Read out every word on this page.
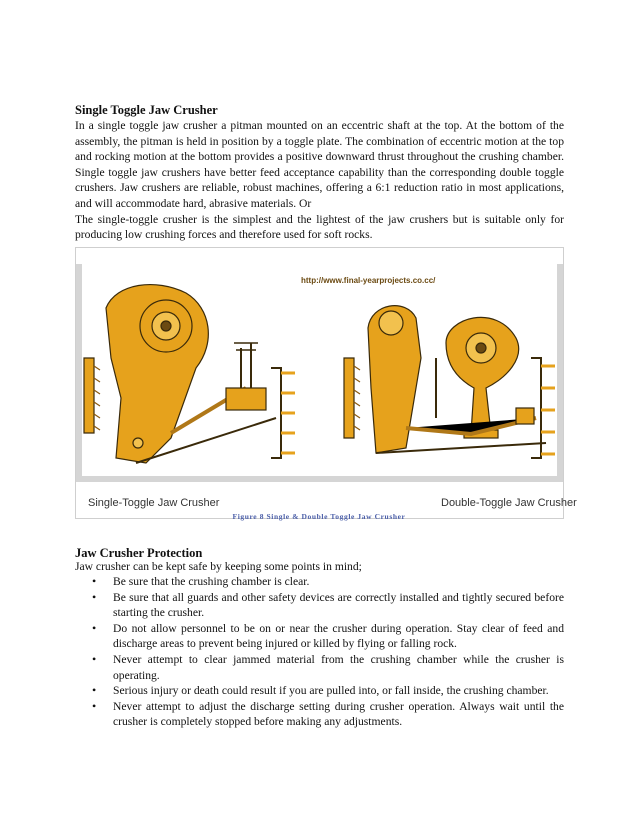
Single Toggle Jaw Crusher

In a single toggle jaw crusher a pitman mounted on an eccentric shaft at the top. At the bottom of the assembly, the pitman is held in position by a toggle plate. The combination of eccentric motion at the top and rocking motion at the bottom provides a positive downward thrust throughout the crushing chamber. Single toggle jaw crushers have better feed acceptance capability than the corresponding double toggle crushers. Jaw crushers are reliable, robust machines, offering a 6:1 reduction ratio in most applications, and will accommodate hard, abrasive materials. Or

The single-toggle crusher is the simplest and the lightest of the jaw crushers but is suitable only for producing low crushing forces and therefore used for soft rocks.

http://www.final-yearprojects.co.cc/
Single-Toggle Jaw Crusher	Double-Toggle Jaw Crusher
Figure 8 Single & Double Toggle Jaw Crusher
Jaw Crusher Protection
Jaw crusher can be kept safe by keeping some points in mind;
• Be sure that the crushing chamber is clear.
• Be sure that all guards and other safety devices are correctly installed and tightly secured before starting the crusher.
• Do not allow personnel to be on or near the crusher during operation. Stay clear of feed and discharge areas to prevent being injured or killed by flying or falling rock.
• Never attempt to clear jammed material from the crushing chamber while the crusher is operating.
• Serious injury or death could result if you are pulled into, or fall inside, the crushing chamber.
• Never attempt to adjust the discharge setting during crusher operation. Always wait until the crusher is completely stopped before making any adjustments.
